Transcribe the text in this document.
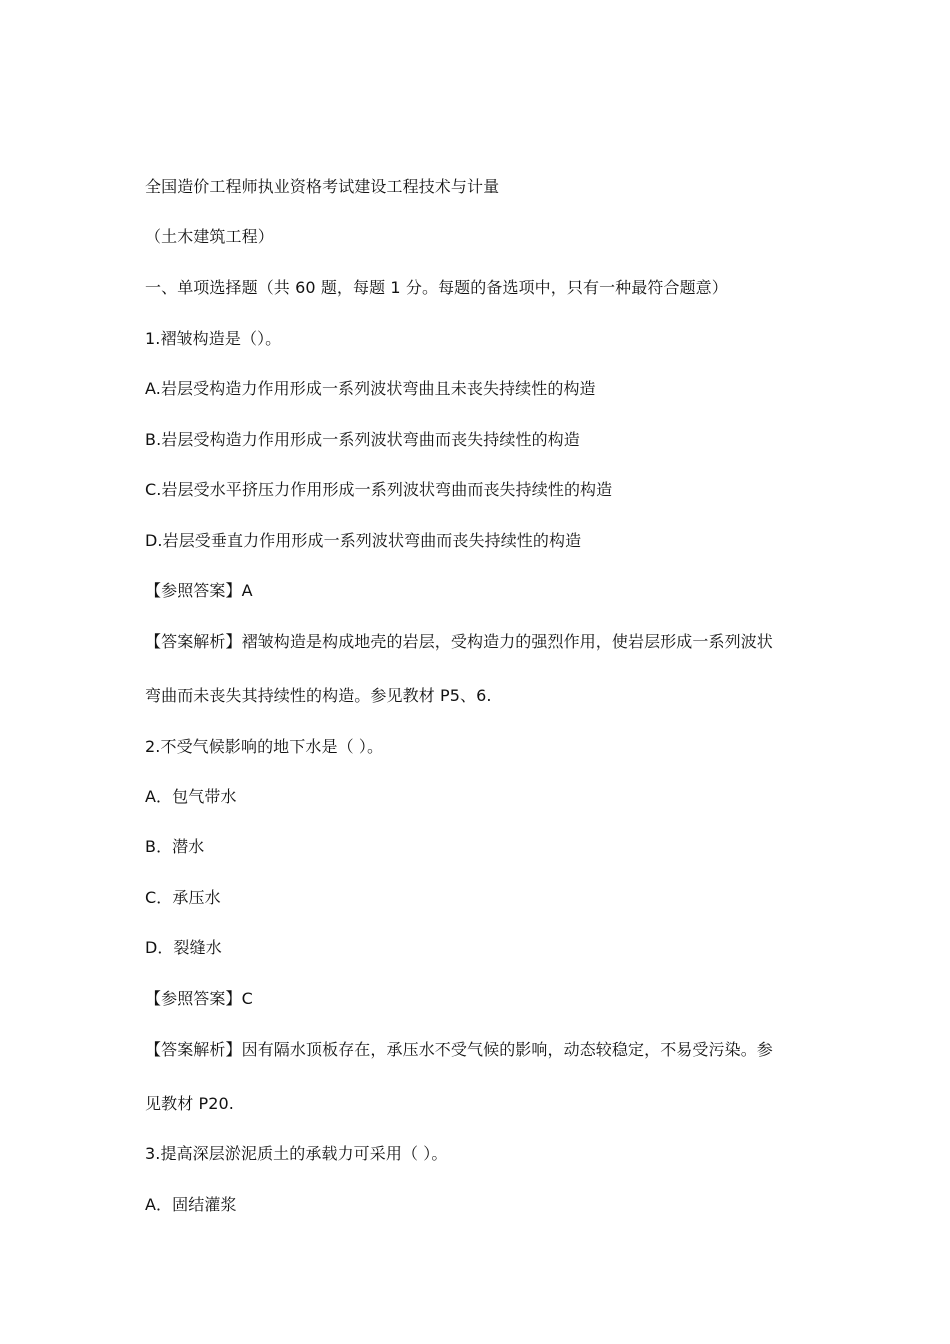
全国造价工程师执业资格考试建设工程技术与计量
（土木建筑工程）
一、单项选择题（共 60 题，每题 1 分。每题的备选项中，只有一种最符合题意）
1.褶皱构造是（）。
A.岩层受构造力作用形成一系列波状弯曲且未丧失持续性的构造
B.岩层受构造力作用形成一系列波状弯曲而丧失持续性的构造
C.岩层受水平挤压力作用形成一系列波状弯曲而丧失持续性的构造
D.岩层受垂直力作用形成一系列波状弯曲而丧失持续性的构造
【参照答案】A
【答案解析】褶皱构造是构成地壳的岩层，受构造力的强烈作用，使岩层形成一系列波状
弯曲而未丧失其持续性的构造。参见教材 P5、6.
2.不受气候影响的地下水是（ ）。
A．包气带水
B．潜水
C．承压水
D．裂缝水
【参照答案】C
【答案解析】因有隔水顶板存在，承压水不受气候的影响，动态较稳定，不易受污染。参
见教材 P20.
3.提高深层淤泥质土的承载力可采用（ ）。
A．固结灌浆
